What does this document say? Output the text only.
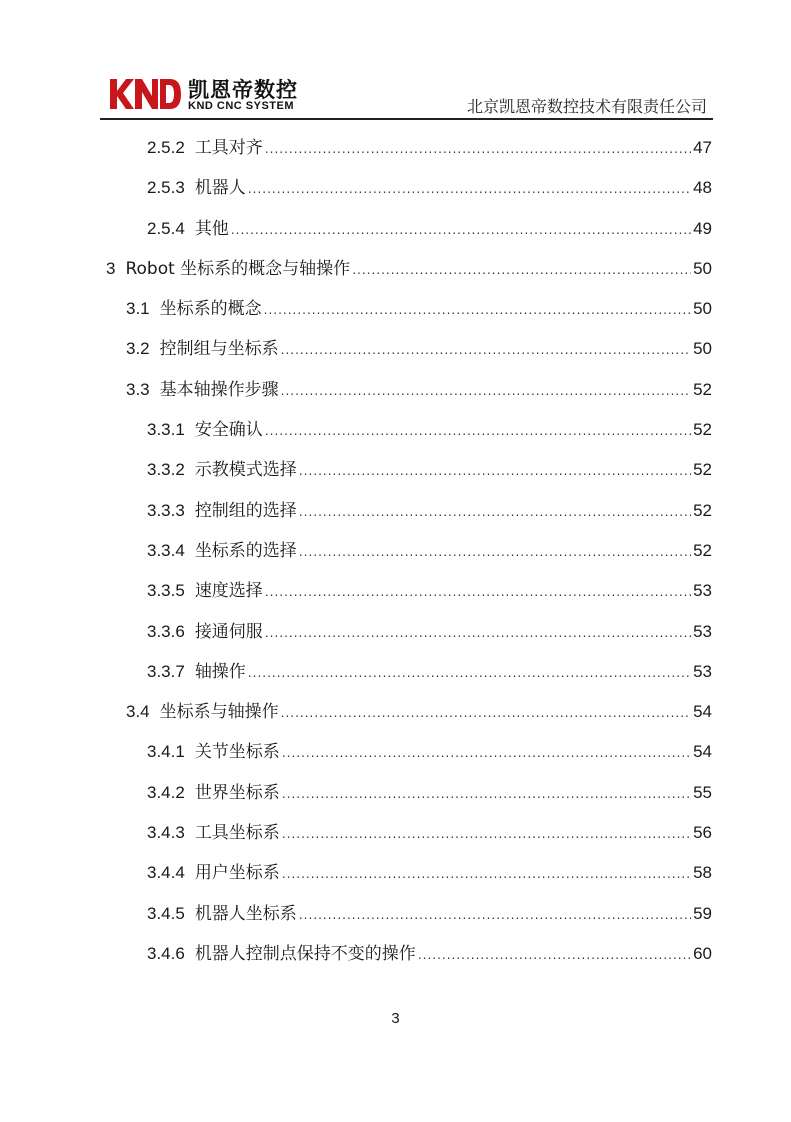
凯恩帝数控
KND CNC SYSTEM	北京凯恩帝数控技术有限责任公司
2.5.2 工具对齐 .....	47
2.5.3 机器人 .....	48
2.5.4 其他 .....	49
3 Robot 坐标系的概念与轴操作 .....	50
3.1 坐标系的概念 .....	50
3.2 控制组与坐标系 .....	50
3.3 基本轴操作步骤 .....	52
3.3.1 安全确认 .....	52
3.3.2 示教模式选择 .....	52
3.3.3 控制组的选择 .....	52
3.3.4 坐标系的选择 .....	52
3.3.5 速度选择 .....	53
3.3.6 接通伺服 .....	53
3.3.7 轴操作 .....	53
3.4 坐标系与轴操作 .....	54
3.4.1 关节坐标系 .....	54
3.4.2 世界坐标系 .....	55
3.4.3 工具坐标系 .....	56
3.4.4 用户坐标系 .....	58
3.4.5 机器人坐标系 .....	59
3.4.6 机器人控制点保持不变的操作 .....	60
3
